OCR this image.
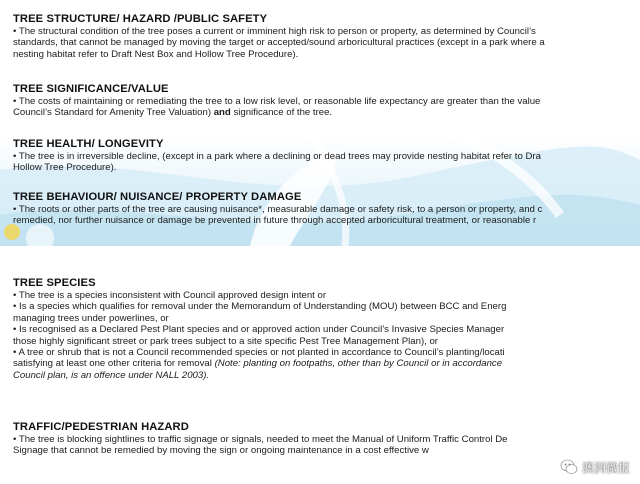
TREE STRUCTURE/ HAZARD /PUBLIC SAFETY
• The structural condition of the tree poses a current or imminent high risk to person or property, as determined by Council’s
standards, that cannot be managed by moving the target or accepted/sound arboricultural practices (except in a park where a
nesting habitat refer to Draft Nest Box and Hollow Tree Procedure).
TREE SIGNIFICANCE/VALUE
• The costs of maintaining or remediating the tree to a low risk level, or reasonable life expectancy are greater than the value
Council’s Standard for Amenity Tree Valuation) and significance of the tree.
TREE HEALTH/ LONGEVITY
• The tree is in irreversible decline, (except in a park where a declining or dead trees may provide nesting habitat refer to Dra
Hollow Tree Procedure).
TREE BEHAVIOUR/ NUISANCE/ PROPERTY DAMAGE
• The roots or other parts of the tree are causing nuisance*, measurable damage or safety risk, to a person or property, and c
remedied, nor further nuisance or damage be prevented in future through accepted arboricultural treatment, or reasonable r
TREE SPECIES
• The tree is a species inconsistent with Council approved design intent or
• Is a species which qualifies for removal under the Memorandum of Understanding (MOU) between BCC and Energ
managing trees under powerlines, or
• Is recognised as a Declared Pest Plant species and or approved action under Council’s Invasive Species Manager
those highly significant street or park trees subject to a site specific Pest Tree Management Plan), or
• A tree or shrub that is not a Council recommended species or not planted in accordance to Council’s planting/locati
satisfying at least one other criteria for removal (Note: planting on footpaths, other than by Council or in accordance
Council plan, is an offence under NALL 2003).
TRAFFIC/PEDESTRIAN HAZARD
• The tree is blocking sightlines to traffic signage or signals, needed to meet the Manual of Uniform Traffic Control De
Signage that cannot be remedied by moving the sign or ongoing maintenance in a cost effective w
澳洲微报
